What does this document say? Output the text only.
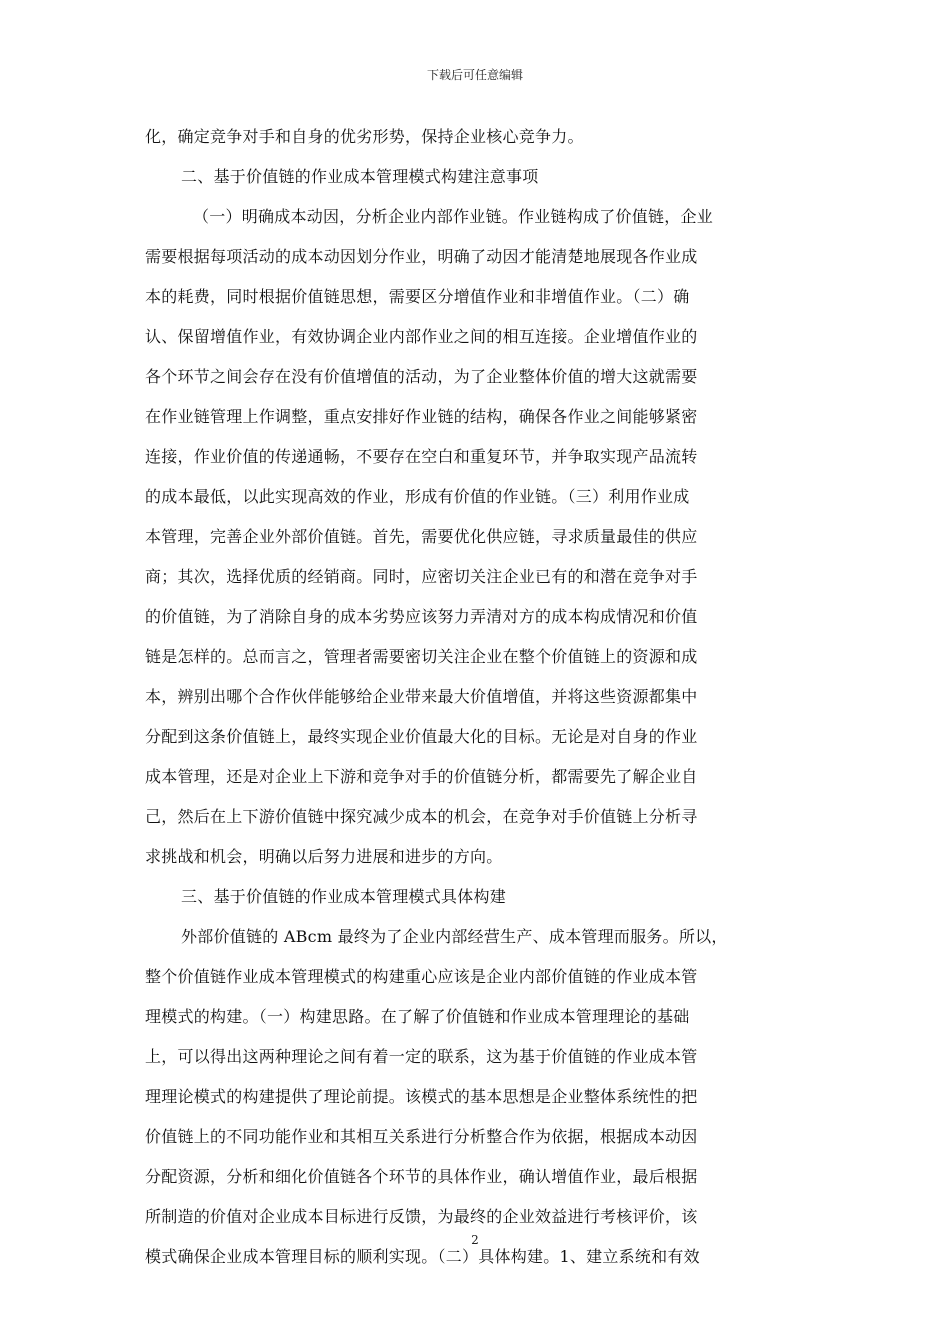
下载后可任意编辑
化，确定竞争对手和自身的优劣形势，保持企业核心竞争力。
二、基于价值链的作业成本管理模式构建注意事项
（一）明确成本动因，分析企业内部作业链。作业链构成了价值链，企业
需要根据每项活动的成本动因划分作业，明确了动因才能清楚地展现各作业成
本的耗费，同时根据价值链思想，需要区分增值作业和非增值作业。（二）确
认、保留增值作业，有效协调企业内部作业之间的相互连接。企业增值作业的
各个环节之间会存在没有价值增值的活动，为了企业整体价值的增大这就需要
在作业链管理上作调整，重点安排好作业链的结构，确保各作业之间能够紧密
连接，作业价值的传递通畅，不要存在空白和重复环节，并争取实现产品流转
的成本最低，以此实现高效的作业，形成有价值的作业链。（三）利用作业成
本管理，完善企业外部价值链。首先，需要优化供应链，寻求质量最佳的供应
商；其次，选择优质的经销商。同时，应密切关注企业已有的和潜在竞争对手
的价值链，为了消除自身的成本劣势应该努力弄清对方的成本构成情况和价值
链是怎样的。总而言之，管理者需要密切关注企业在整个价值链上的资源和成
本，辨别出哪个合作伙伴能够给企业带来最大价值增值，并将这些资源都集中
分配到这条价值链上，最终实现企业价值最大化的目标。无论是对自身的作业
成本管理，还是对企业上下游和竞争对手的价值链分析，都需要先了解企业自
己，然后在上下游价值链中探究减少成本的机会，在竞争对手价值链上分析寻
求挑战和机会，明确以后努力进展和进步的方向。
三、基于价值链的作业成本管理模式具体构建
外部价值链的 ABcm 最终为了企业内部经营生产、成本管理而服务。所以，
整个价值链作业成本管理模式的构建重心应该是企业内部价值链的作业成本管
理模式的构建。（一）构建思路。在了解了价值链和作业成本管理理论的基础
上，可以得出这两种理论之间有着一定的联系，这为基于价值链的作业成本管
理理论模式的构建提供了理论前提。该模式的基本思想是企业整体系统性的把
价值链上的不同功能作业和其相互关系进行分析整合作为依据，根据成本动因
分配资源，分析和细化价值链各个环节的具体作业，确认增值作业，最后根据
所制造的价值对企业成本目标进行反馈，为最终的企业效益进行考核评价，该
模式确保企业成本管理目标的顺利实现。（二）具体构建。1、建立系统和有效
2
